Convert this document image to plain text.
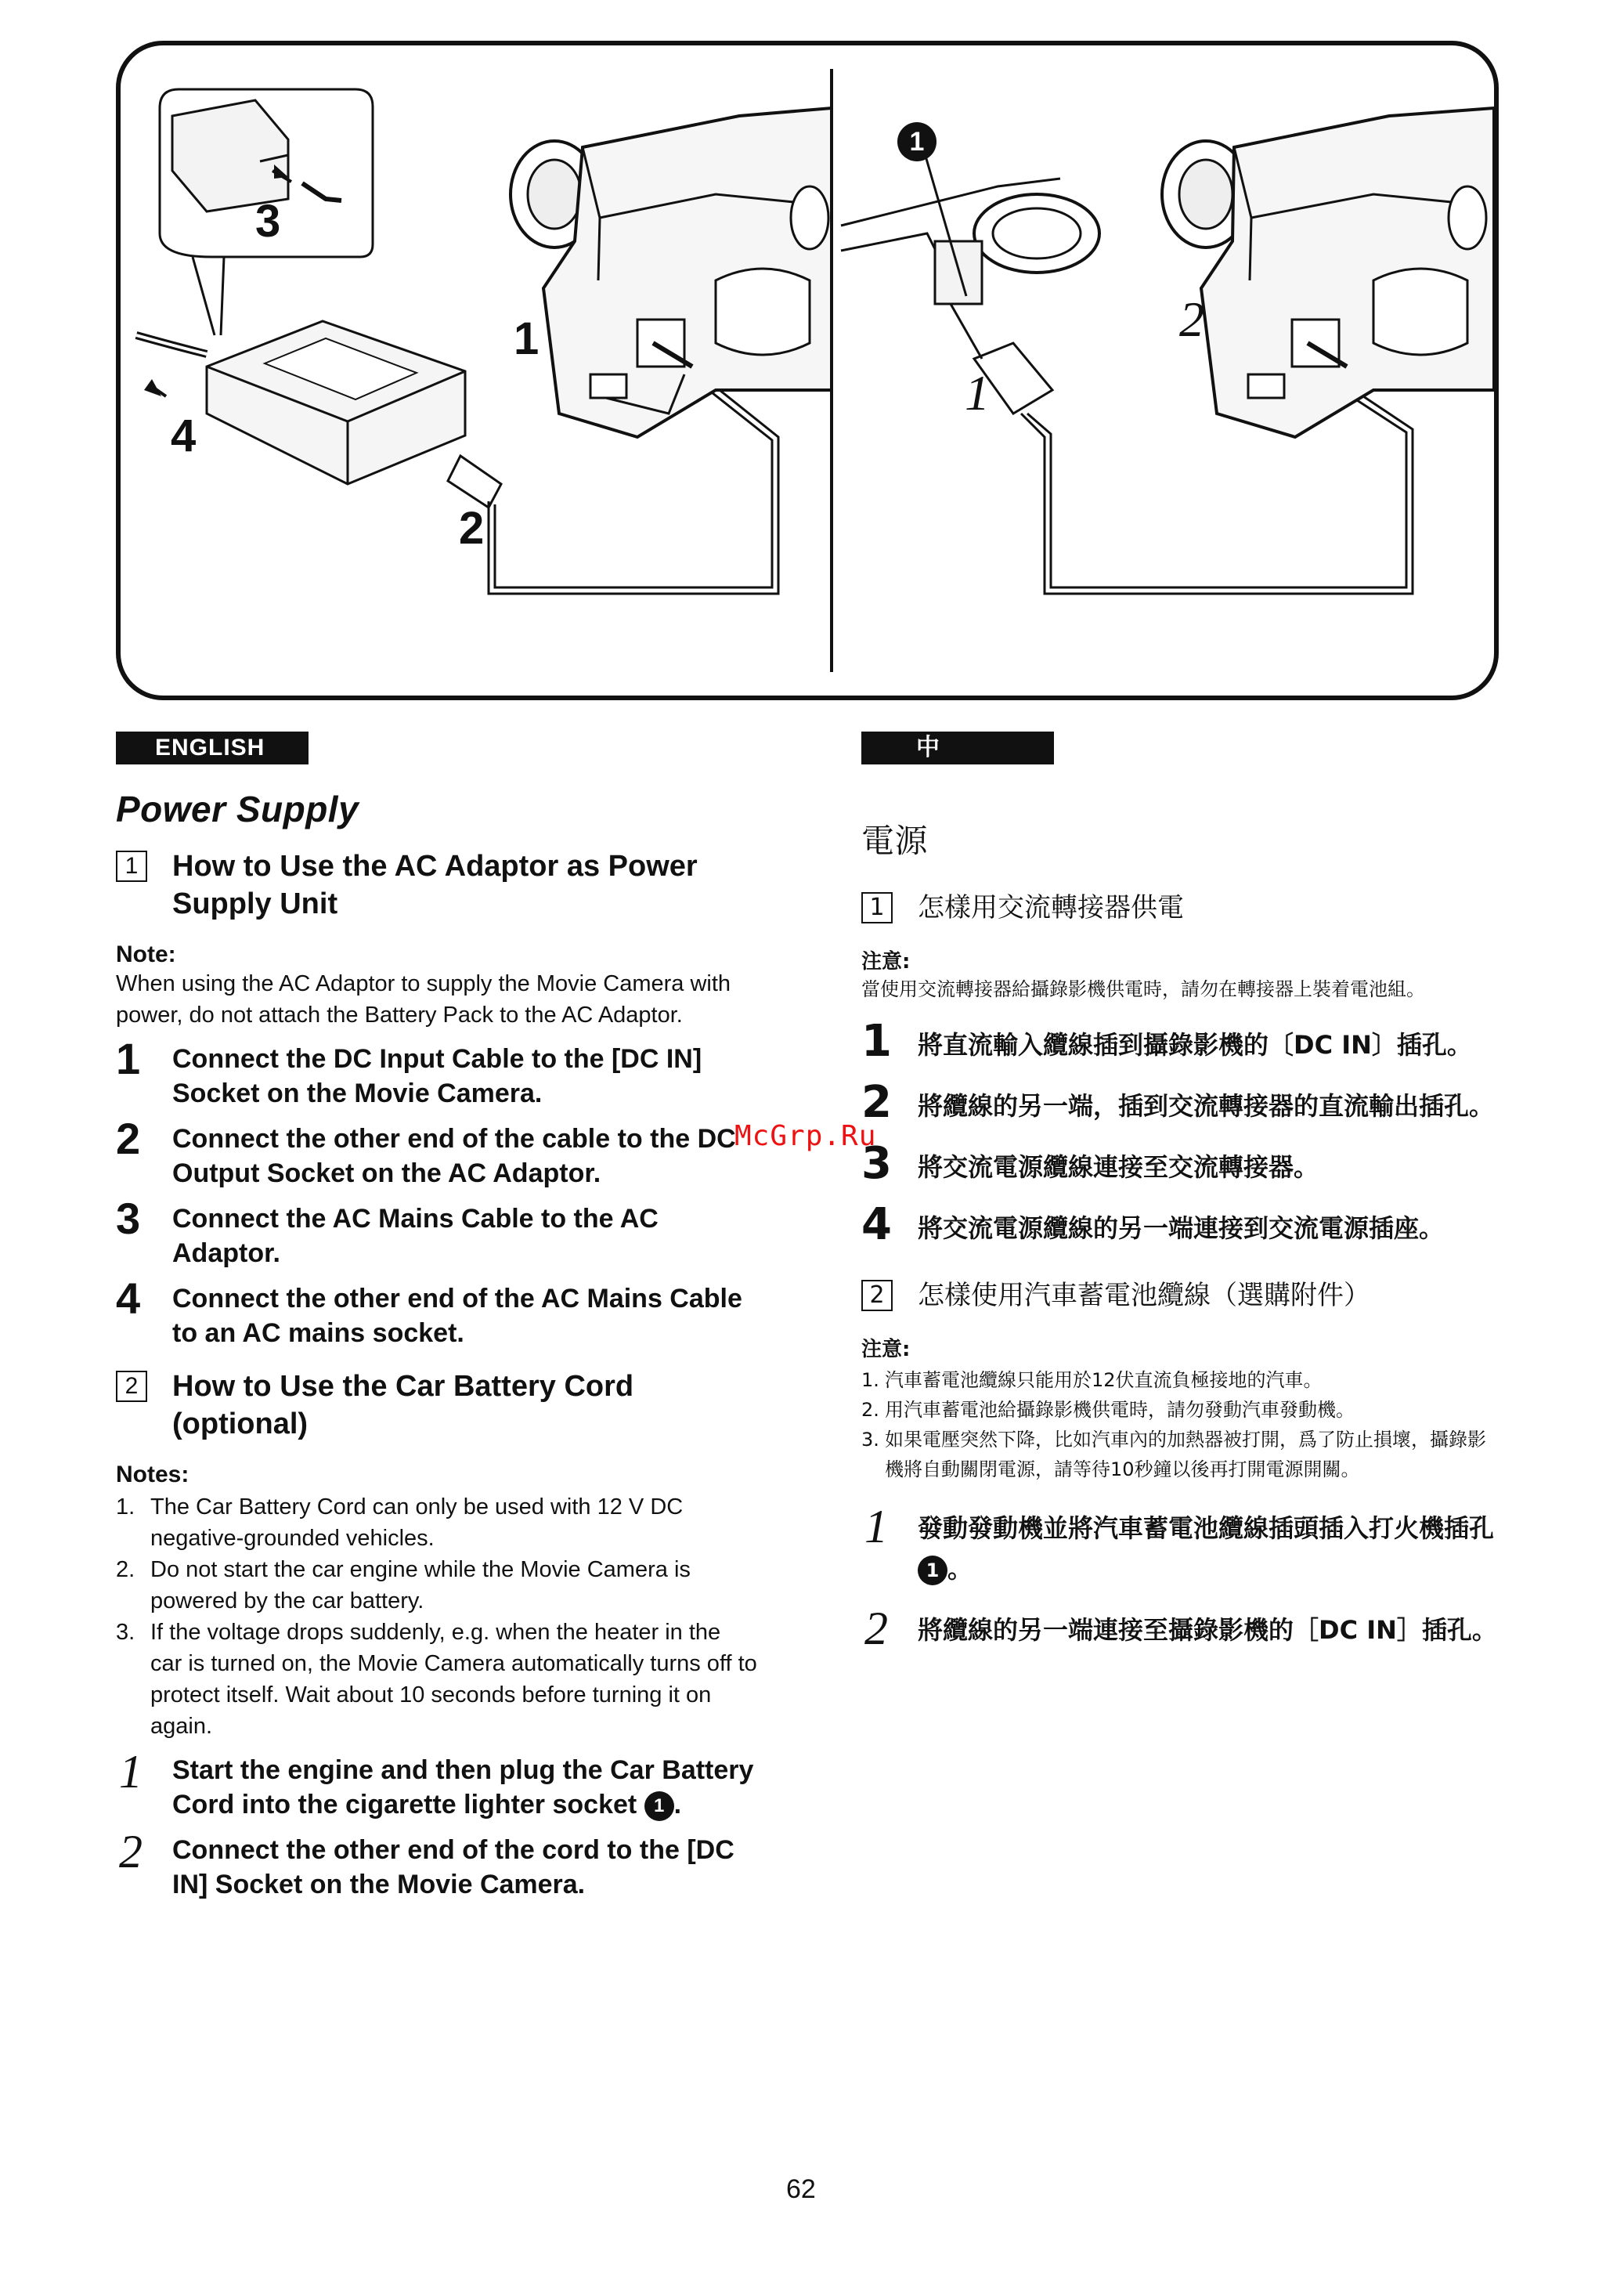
3
1
4
2
2
1
1
ENGLISH
Power Supply
1	How to Use the AC Adaptor as Power Supply Unit
Note:
When using the AC Adaptor to supply the Movie Camera with power, do not attach the Battery Pack to the AC Adaptor.
1 Connect the DC Input Cable to the [DC IN] Socket on the Movie Camera.
2 Connect the other end of the cable to the DC Output Socket on the AC Adaptor.
3 Connect the AC Mains Cable to the AC Adaptor.
4 Connect the other end of the AC Mains Cable to an AC mains socket.
2	How to Use the Car Battery Cord (optional)
Notes:
1. The Car Battery Cord can only be used with 12 V DC negative-grounded vehicles.
2. Do not start the car engine while the Movie Camera is powered by the car battery.
3. If the voltage drops suddenly, e.g. when the heater in the car is turned on, the Movie Camera automatically turns off to protect itself. Wait about 10 seconds before turning it on again.
1 Start the engine and then plug the Car Battery Cord into the cigarette lighter socket 1 .
2 Connect the other end of the cord to the [DC IN] Socket on the Movie Camera.
中 文
電源
1	怎樣用交流轉接器供電
注意:
當使用交流轉接器給攝錄影機供電時，請勿在轉接器上裝着電池組。
1 將直流輸入纜線插到攝錄影機的〔DC IN〕插孔。
2 將纜線的另一端，插到交流轉接器的直流輸出插孔。
3 將交流電源纜線連接至交流轉接器。
4 將交流電源纜線的另一端連接到交流電源插座。
2	怎樣使用汽車蓄電池纜線（選購附件）
注意:
1. 汽車蓄電池纜線只能用於12伏直流負極接地的汽車。
2. 用汽車蓄電池給攝錄影機供電時，請勿發動汽車發動機。
3. 如果電壓突然下降，比如汽車內的加熱器被打開，爲了防止損壞，攝錄影機將自動關閉電源，請等待10秒鐘以後再打開電源開關。
1 發動發動機並將汽車蓄電池纜線插頭插入打火機插孔 1 。
2 將纜線的另一端連接至攝錄影機的［DC IN］插孔。
McGrp.Ru
62
